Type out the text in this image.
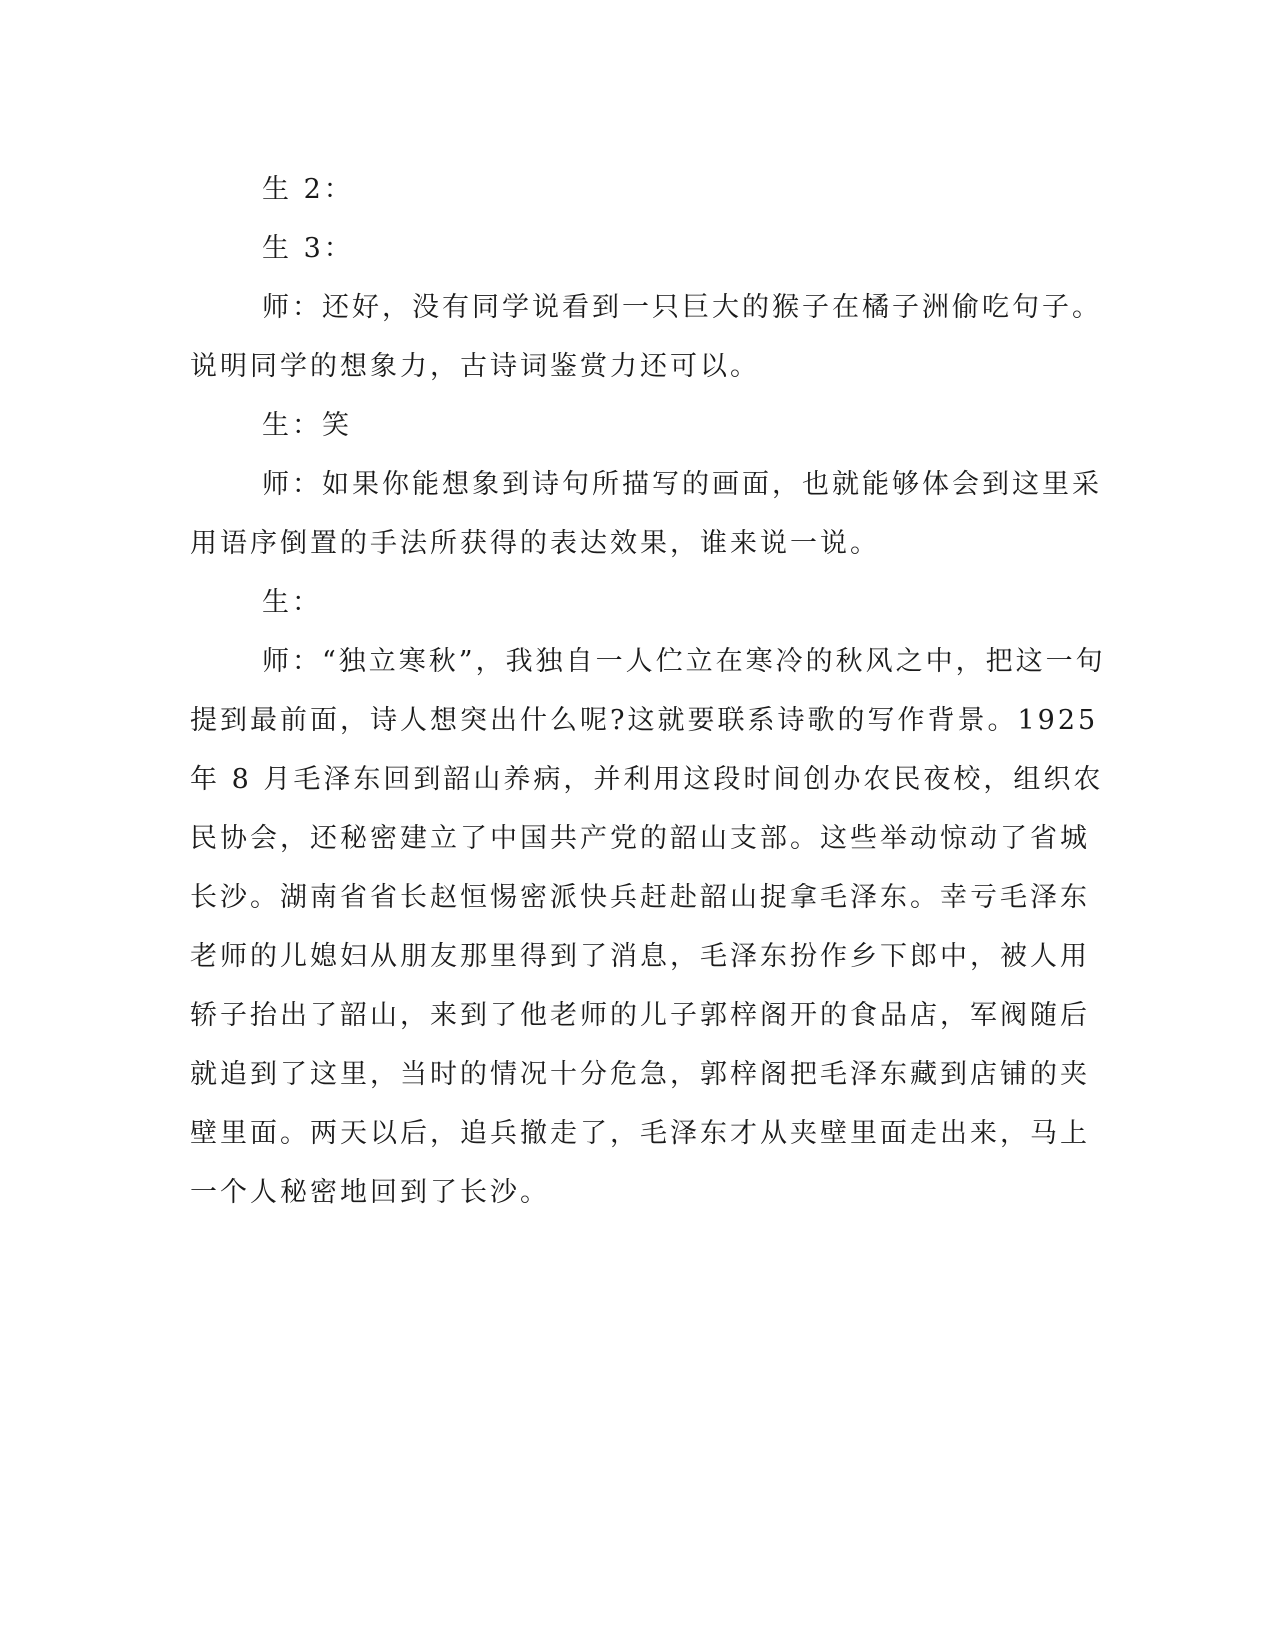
生 2：
生 3：
师：还好，没有同学说看到一只巨大的猴子在橘子洲偷吃句子。
说明同学的想象力，古诗词鉴赏力还可以。
生：笑
师：如果你能想象到诗句所描写的画面，也就能够体会到这里采
用语序倒置的手法所获得的表达效果，谁来说一说。
生：
师：“独立寒秋”，我独自一人伫立在寒冷的秋风之中，把这一句
提到最前面，诗人想突出什么呢?这就要联系诗歌的写作背景。1925
年 8 月毛泽东回到韶山养病，并利用这段时间创办农民夜校，组织农
民协会，还秘密建立了中国共产党的韶山支部。这些举动惊动了省城
长沙。湖南省省长赵恒惕密派快兵赶赴韶山捉拿毛泽东。幸亏毛泽东
老师的儿媳妇从朋友那里得到了消息，毛泽东扮作乡下郎中，被人用
轿子抬出了韶山，来到了他老师的儿子郭梓阁开的食品店，军阀随后
就追到了这里，当时的情况十分危急，郭梓阁把毛泽东藏到店铺的夹
壁里面。两天以后，追兵撤走了，毛泽东才从夹壁里面走出来，马上
一个人秘密地回到了长沙。
